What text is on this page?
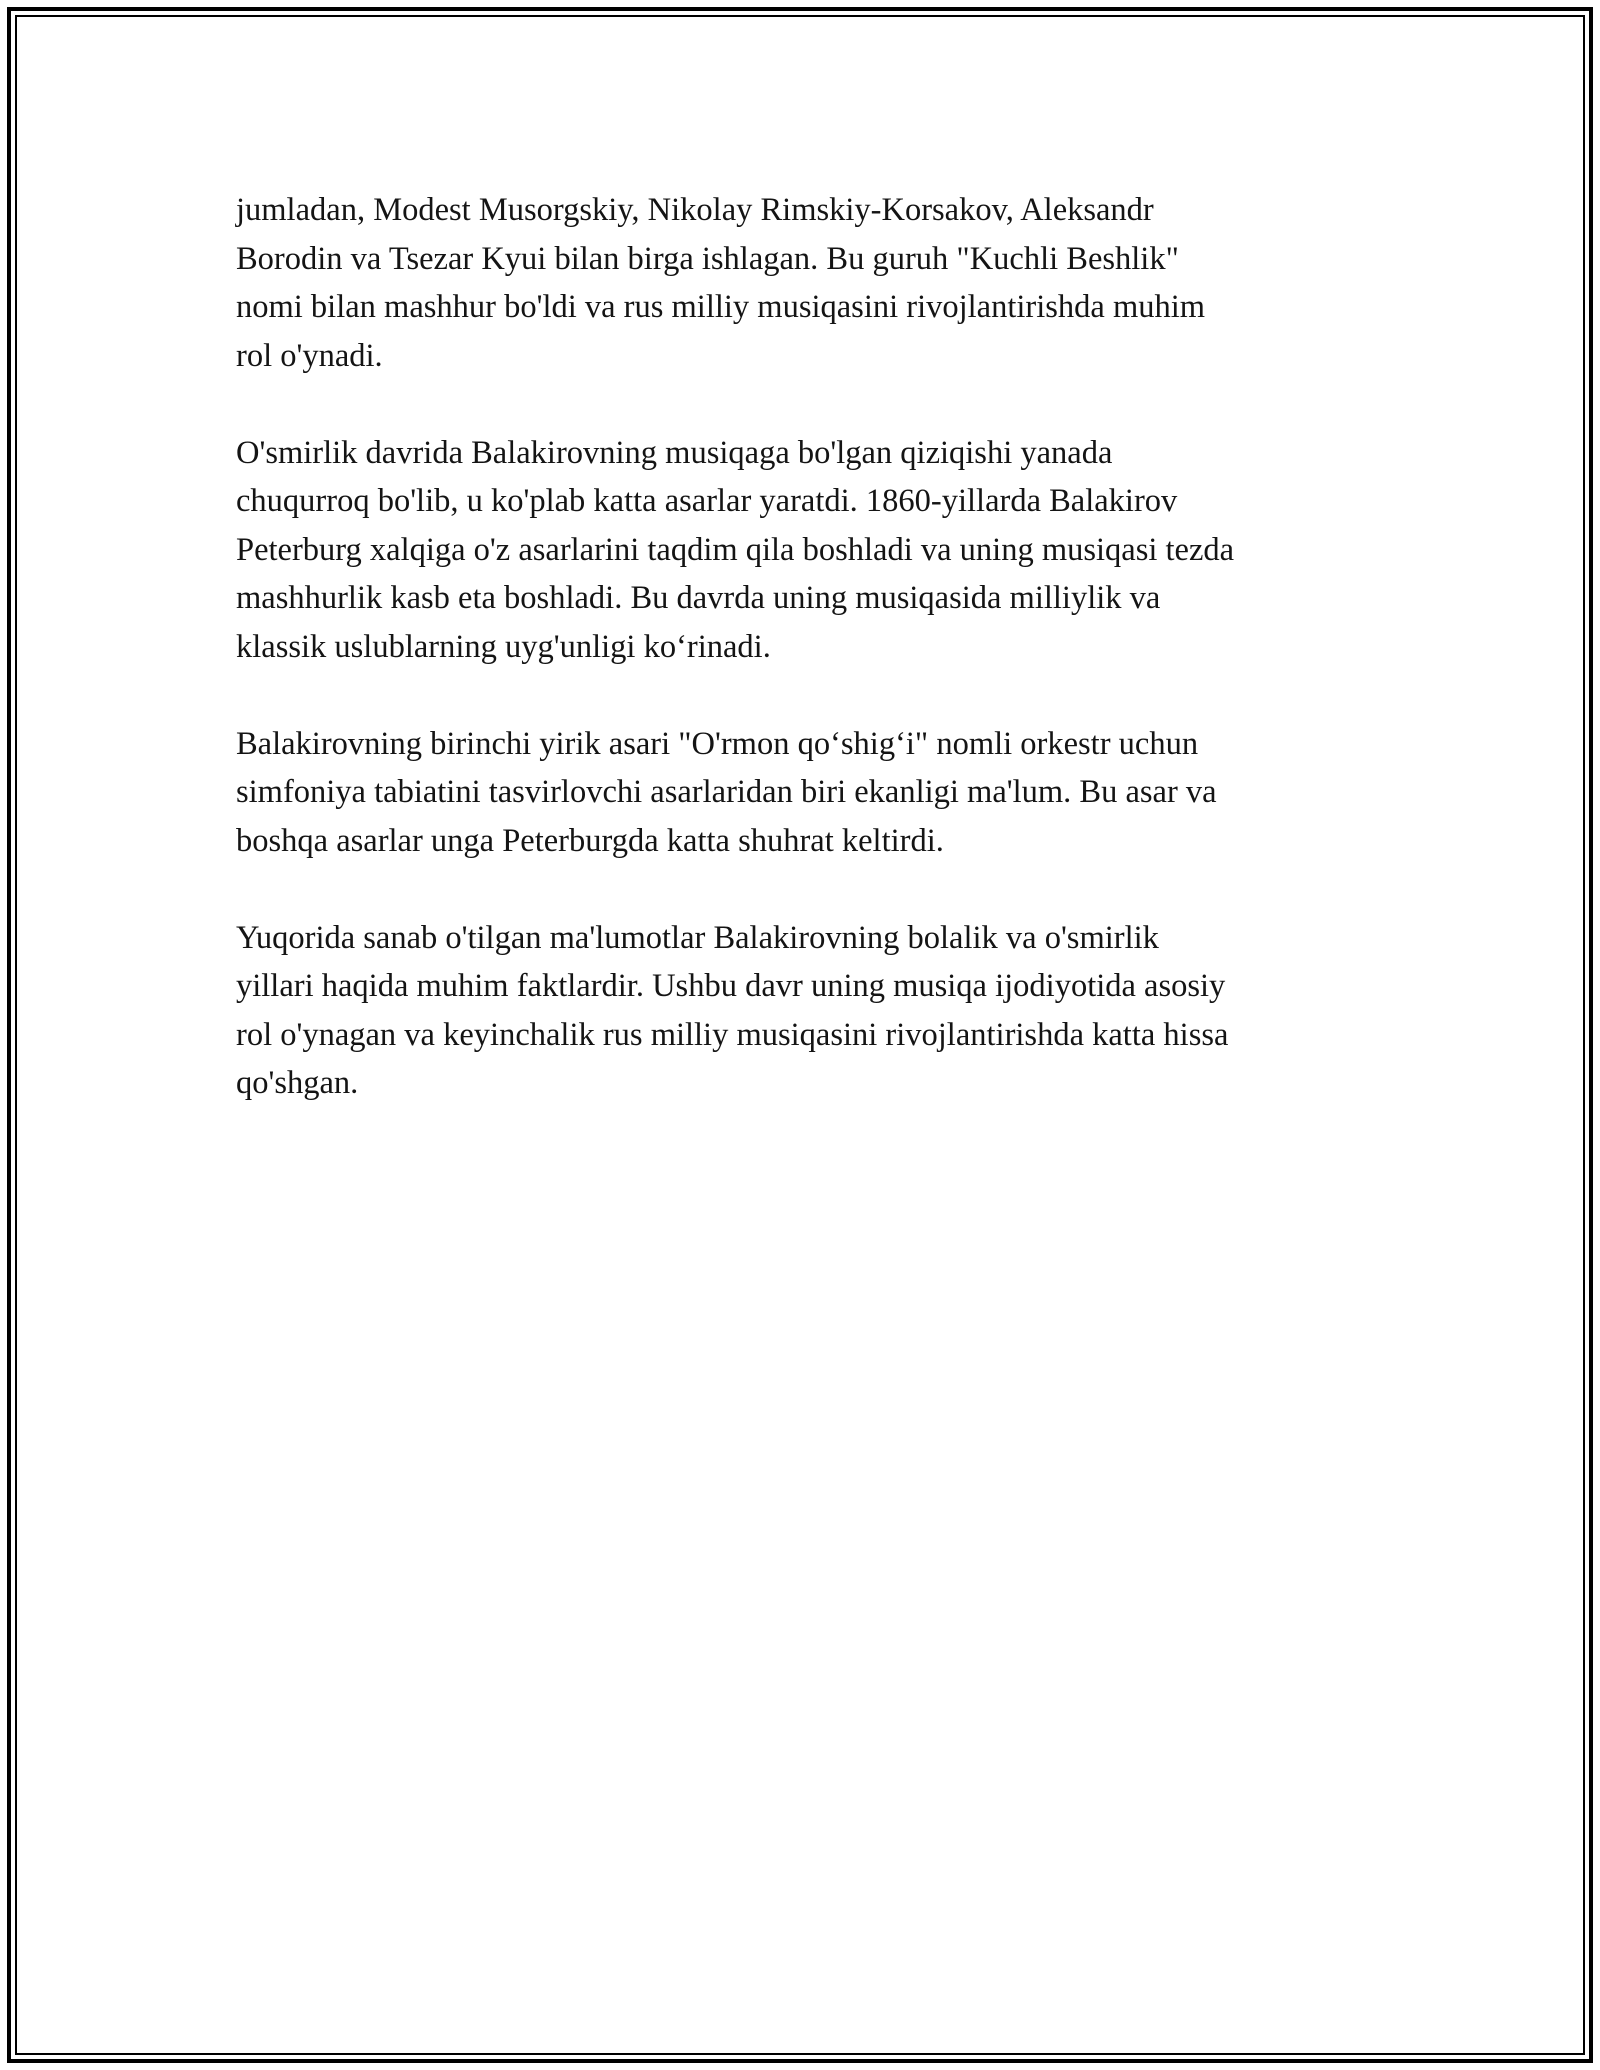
jumladan, Modest Musorgskiy, Nikolay Rimskiy-Korsakov, Aleksandr
Borodin va Tsezar Kyui bilan birga ishlagan. Bu guruh "Kuchli Beshlik"
nomi bilan mashhur bo'ldi va rus milliy musiqasini rivojlantirishda muhim
rol o'ynadi.

O'smirlik davrida Balakirovning musiqaga bo'lgan qiziqishi yanada
chuqurroq bo'lib, u ko'plab katta asarlar yaratdi. 1860-yillarda Balakirov
Peterburg xalqiga o'z asarlarini taqdim qila boshladi va uning musiqasi tezda
mashhurlik kasb eta boshladi. Bu davrda uning musiqasida milliylik va
klassik uslublarning uyg'unligi ko‘rinadi.

Balakirovning birinchi yirik asari "O'rmon qo‘shig‘i" nomli orkestr uchun
simfoniya tabiatini tasvirlovchi asarlaridan biri ekanligi ma'lum. Bu asar va
boshqa asarlar unga Peterburgda katta shuhrat keltirdi.

Yuqorida sanab o'tilgan ma'lumotlar Balakirovning bolalik va o'smirlik
yillari haqida muhim faktlardir. Ushbu davr uning musiqa ijodiyotida asosiy
rol o'ynagan va keyinchalik rus milliy musiqasini rivojlantirishda katta hissa
qo'shgan.
